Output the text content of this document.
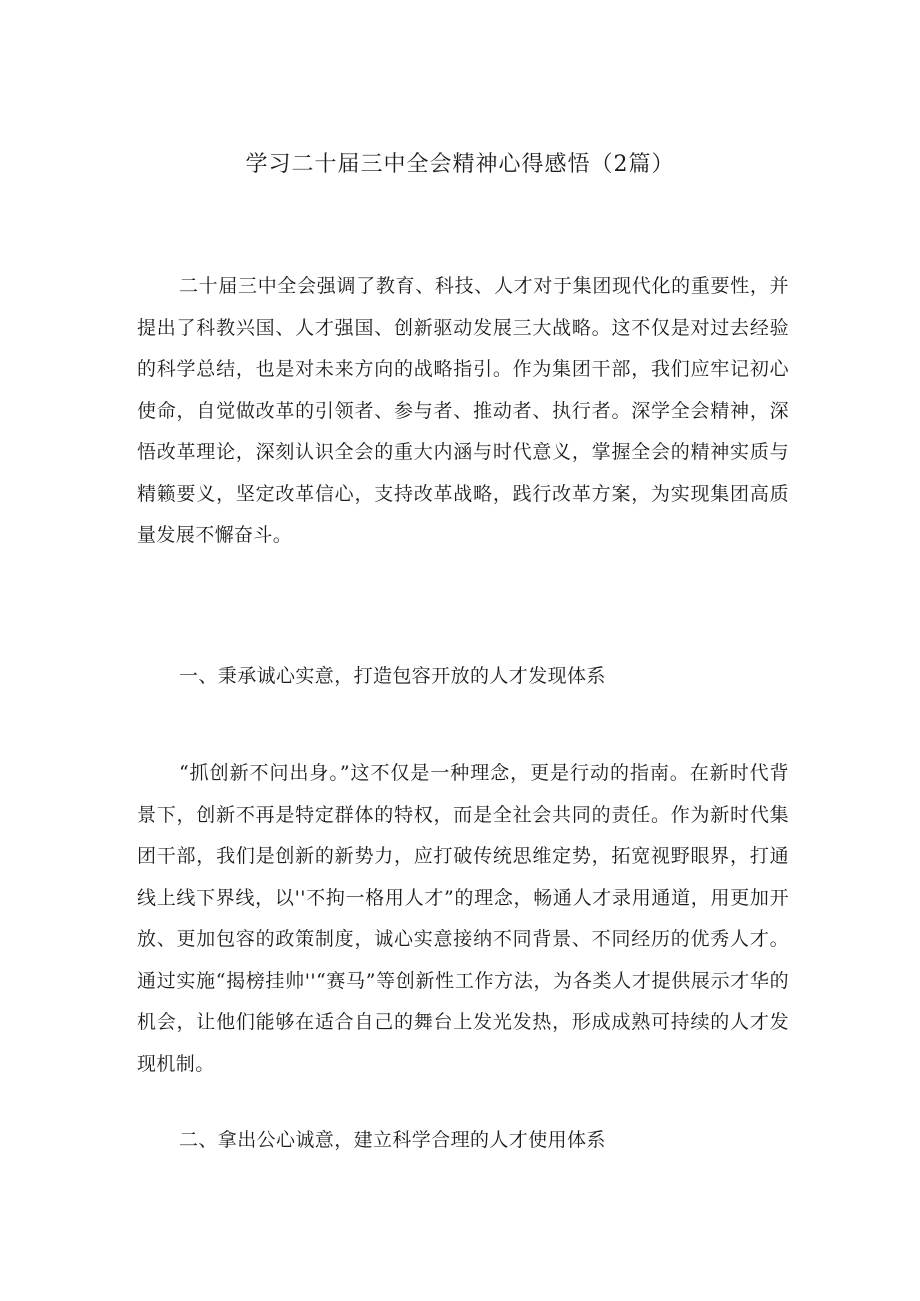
学习二十届三中全会精神心得感悟（2篇）

二十届三中全会强调了教育、科技、人才对于集团现代化的重要性，并提出了科教兴国、人才强国、创新驱动发展三大战略。这不仅是对过去经验的科学总结，也是对未来方向的战略指引。作为集团干部，我们应牢记初心使命，自觉做改革的引领者、参与者、推动者、执行者。深学全会精神，深悟改革理论，深刻认识全会的重大内涵与时代意义，掌握全会的精神实质与精籁要义，坚定改革信心，支持改革战略，践行改革方案，为实现集团高质量发展不懈奋斗。

一、秉承诚心实意，打造包容开放的人才发现体系

“抓创新不问出身。”这不仅是一种理念，更是行动的指南。在新时代背景下，创新不再是特定群体的特权，而是全社会共同的责任。作为新时代集团干部，我们是创新的新势力，应打破传统思维定势，拓宽视野眼界，打通线上线下界线，以''不拘一格用人才”的理念，畅通人才录用通道，用更加开放、更加包容的政策制度，诚心实意接纳不同背景、不同经历的优秀人才。通过实施“揭榜挂帅''“赛马”等创新性工作方法，为各类人才提供展示才华的机会，让他们能够在适合自己的舞台上发光发热，形成成熟可持续的人才发现机制。

二、拿出公心诚意，建立科学合理的人才使用体系
